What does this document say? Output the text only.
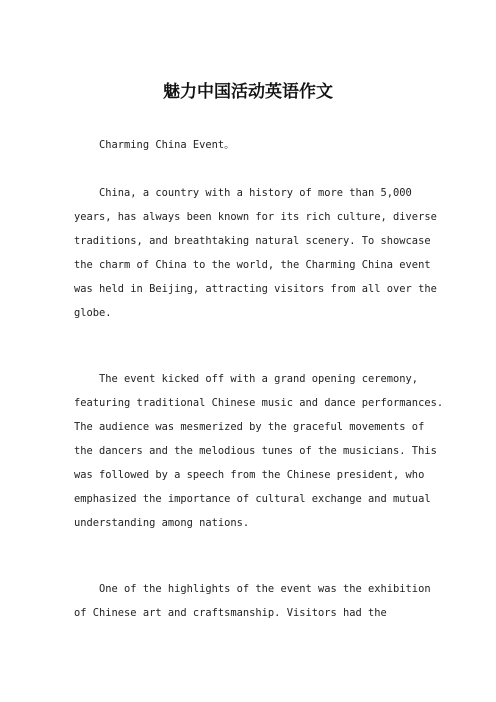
魅力中国活动英语作文
Charming China Event。
China, a country with a history of more than 5,000
years, has always been known for its rich culture, diverse
traditions, and breathtaking natural scenery. To showcase
the charm of China to the world, the Charming China event
was held in Beijing, attracting visitors from all over the
globe.
The event kicked off with a grand opening ceremony,
featuring traditional Chinese music and dance performances.
The audience was mesmerized by the graceful movements of
the dancers and the melodious tunes of the musicians. This
was followed by a speech from the Chinese president, who
emphasized the importance of cultural exchange and mutual
understanding among nations.
One of the highlights of the event was the exhibition
of Chinese art and craftsmanship. Visitors had the
